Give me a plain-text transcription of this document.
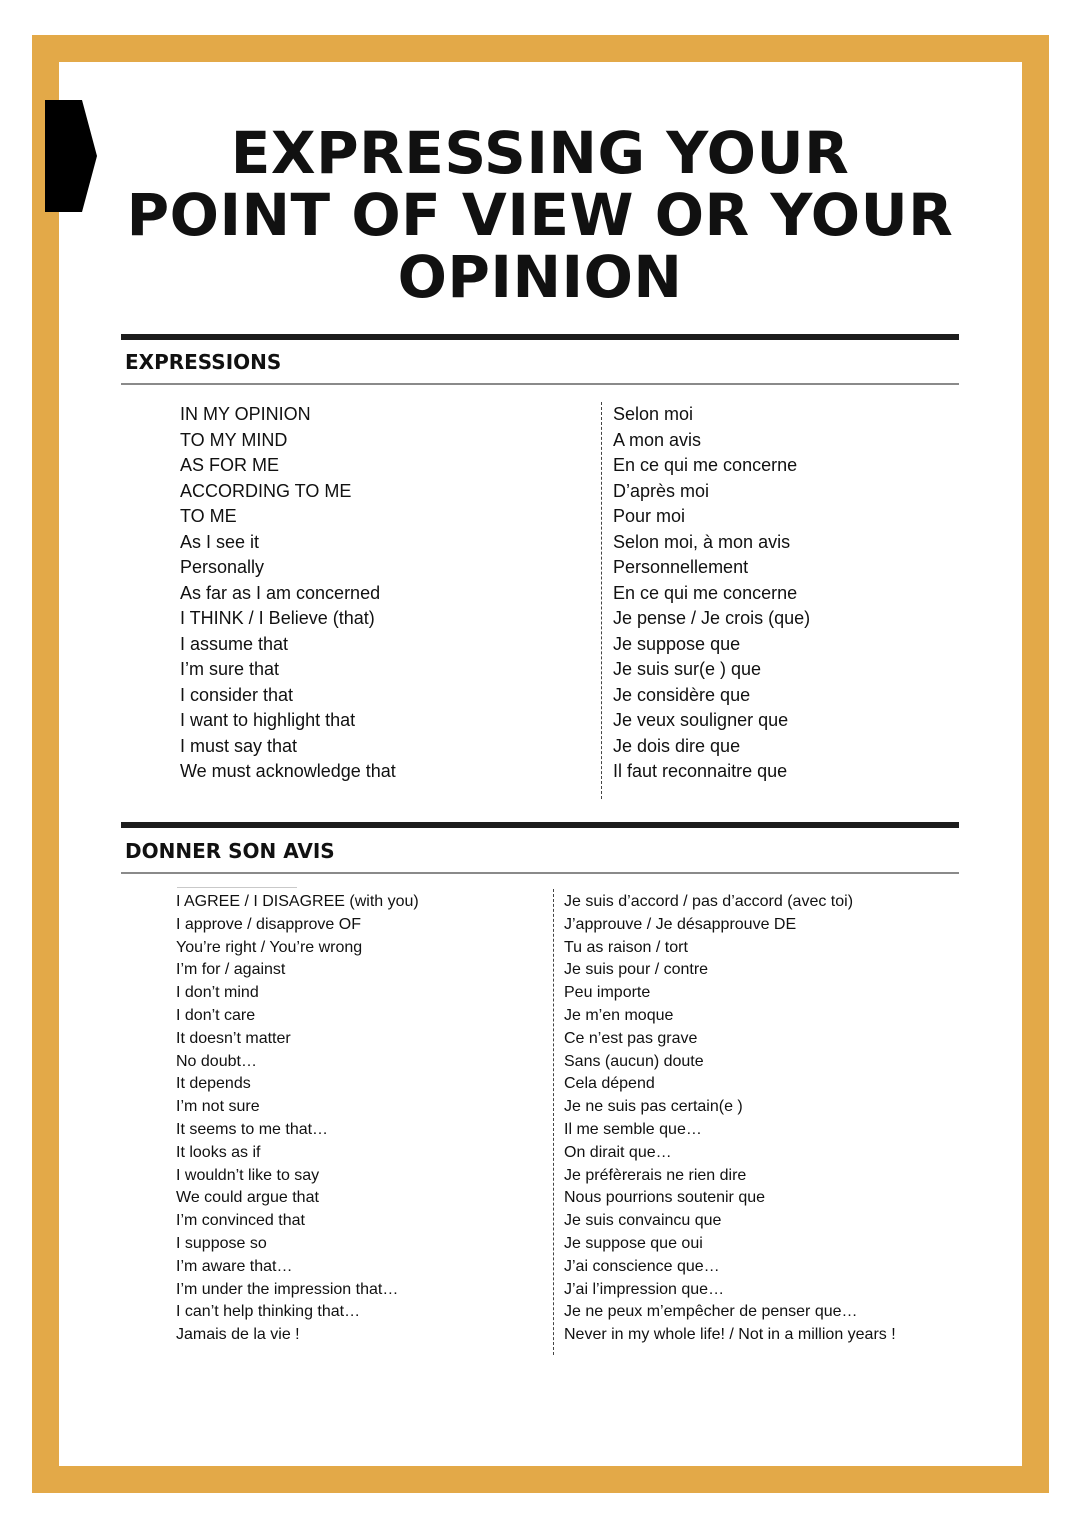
EXPRESSING YOUR
POINT OF VIEW OR YOUR
OPINION
EXPRESSIONS
IN MY OPINION
TO MY MIND
AS FOR ME
ACCORDING TO ME
TO ME
As I see it
Personally
As far as I am concerned
I THINK / I Believe (that)
I assume that
I’m sure that
I consider that
I want to highlight that
I must say that
We must acknowledge that
Selon moi
A mon avis
En ce qui me concerne
D’après moi
Pour moi
Selon moi, à mon avis
Personnellement
En ce qui me concerne
Je pense / Je crois (que)
Je suppose que
Je suis sur(e ) que
Je considère que
Je veux souligner que
Je dois dire que
Il faut reconnaitre que
DONNER SON AVIS
I AGREE / I DISAGREE (with you)
I approve / disapprove OF
You’re right / You’re wrong
I’m for / against
I don’t mind
I don’t care
It doesn’t matter
No doubt…
It depends
I’m not sure
It seems to me that…
It looks as if
I wouldn’t like to say
We could argue that
I’m convinced that
I suppose so
I’m aware that…
I’m under the impression that…
I can’t help thinking that…
Jamais de la vie !
Je suis d’accord / pas d’accord (avec toi)
J’approuve / Je désapprouve DE
Tu as raison / tort
Je suis pour / contre
Peu importe
Je m’en moque
Ce n’est pas grave
Sans (aucun) doute
Cela dépend
Je ne suis pas certain(e )
Il me semble que…
On dirait que…
Je préfèrerais ne rien dire
Nous pourrions soutenir que
Je suis convaincu que
Je suppose que oui
J’ai conscience que…
J’ai l’impression que…
Je ne peux m’empêcher de penser que…
Never in my whole life! / Not in a million years !
